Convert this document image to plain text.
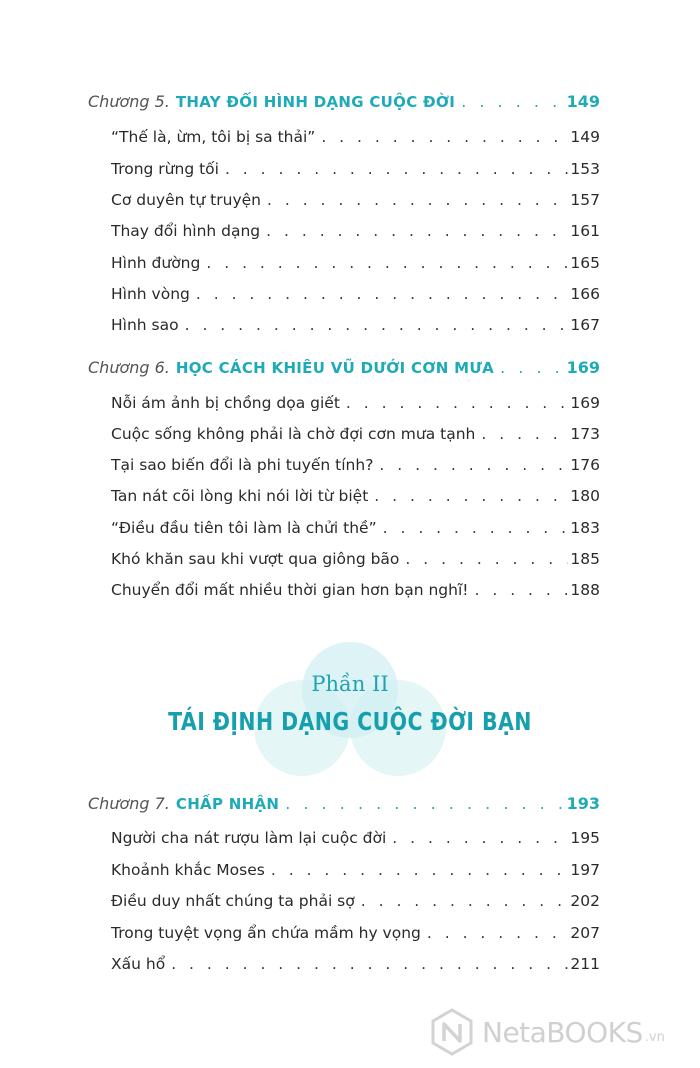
Chương 5. THAY ĐỔI HÌNH DẠNG CUỘC ĐỜI . . .	149
“Thế là, ừm, tôi bị sa thải” . . .	149
Trong rừng tối . . .	153
Cơ duyên tự truyện . . .	157
Thay đổi hình dạng . . .	161
Hình đường . . .	165
Hình vòng . . .	166
Hình sao . . .	167
Chương 6. HỌC CÁCH KHIÊU VŨ DƯỚI CƠN MƯA . . .	169
Nỗi ám ảnh bị chồng dọa giết . . .	169
Cuộc sống không phải là chờ đợi cơn mưa tạnh . . .	173
Tại sao biến đổi là phi tuyến tính? . . .	176
Tan nát cõi lòng khi nói lời từ biệt . . .	180
“Điều đầu tiên tôi làm là chửi thề” . . .	183
Khó khăn sau khi vượt qua giông bão . . .	185
Chuyển đổi mất nhiều thời gian hơn bạn nghĩ! . . .	188
Phần II
TÁI ĐỊNH DẠNG CUỘC ĐỜI BẠN
Chương 7. CHẤP NHẬN . . .	193
Người cha nát rượu làm lại cuộc đời . . .	195
Khoảnh khắc Moses . . .	197
Điều duy nhất chúng ta phải sợ . . .	202
Trong tuyệt vọng ẩn chứa mầm hy vọng . . .	207
Xấu hổ . . .	211
NetaBOOKS .vn
